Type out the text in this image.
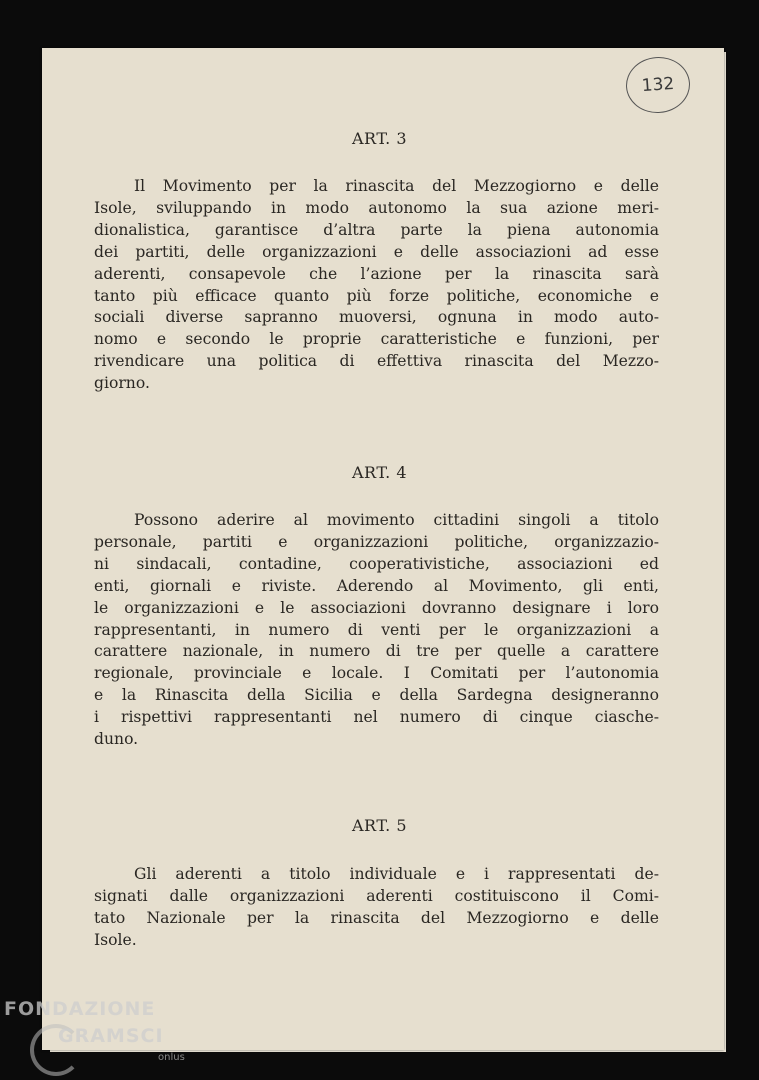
132
ART. 3
Il Movimento per la rinascita del Mezzogiorno e delle
Isole, sviluppando in modo autonomo la sua azione meri-
dionalistica, garantisce d’altra parte la piena autonomia
dei partiti, delle organizzazioni e delle associazioni ad esse
aderenti, consapevole che l’azione per la rinascita sarà
tanto più efficace quanto più forze politiche, economiche e
sociali diverse sapranno muoversi, ognuna in modo auto-
nomo e secondo le proprie caratteristiche e funzioni, per
rivendicare una politica di effettiva rinascita del Mezzo-
giorno.
ART. 4
Possono aderire al movimento cittadini singoli a titolo
personale, partiti e organizzazioni politiche, organizzazio-
ni sindacali, contadine, cooperativistiche, associazioni ed
enti, giornali e riviste. Aderendo al Movimento, gli enti,
le organizzazioni e le associazioni dovranno designare i loro
rappresentanti, in numero di venti per le organizzazioni a
carattere nazionale, in numero di tre per quelle a carattere
regionale, provinciale e locale. I Comitati per l’autonomia
e la Rinascita della Sicilia e della Sardegna designeranno
i rispettivi rappresentanti nel numero di cinque ciasche-
duno.
ART. 5
Gli aderenti a titolo individuale e i rappresentati de-
signati dalle organizzazioni aderenti costituiscono il Comi-
tato Nazionale per la rinascita del Mezzogiorno e delle
Isole.
FONDAZIONE
GRAMSCI
onlus
